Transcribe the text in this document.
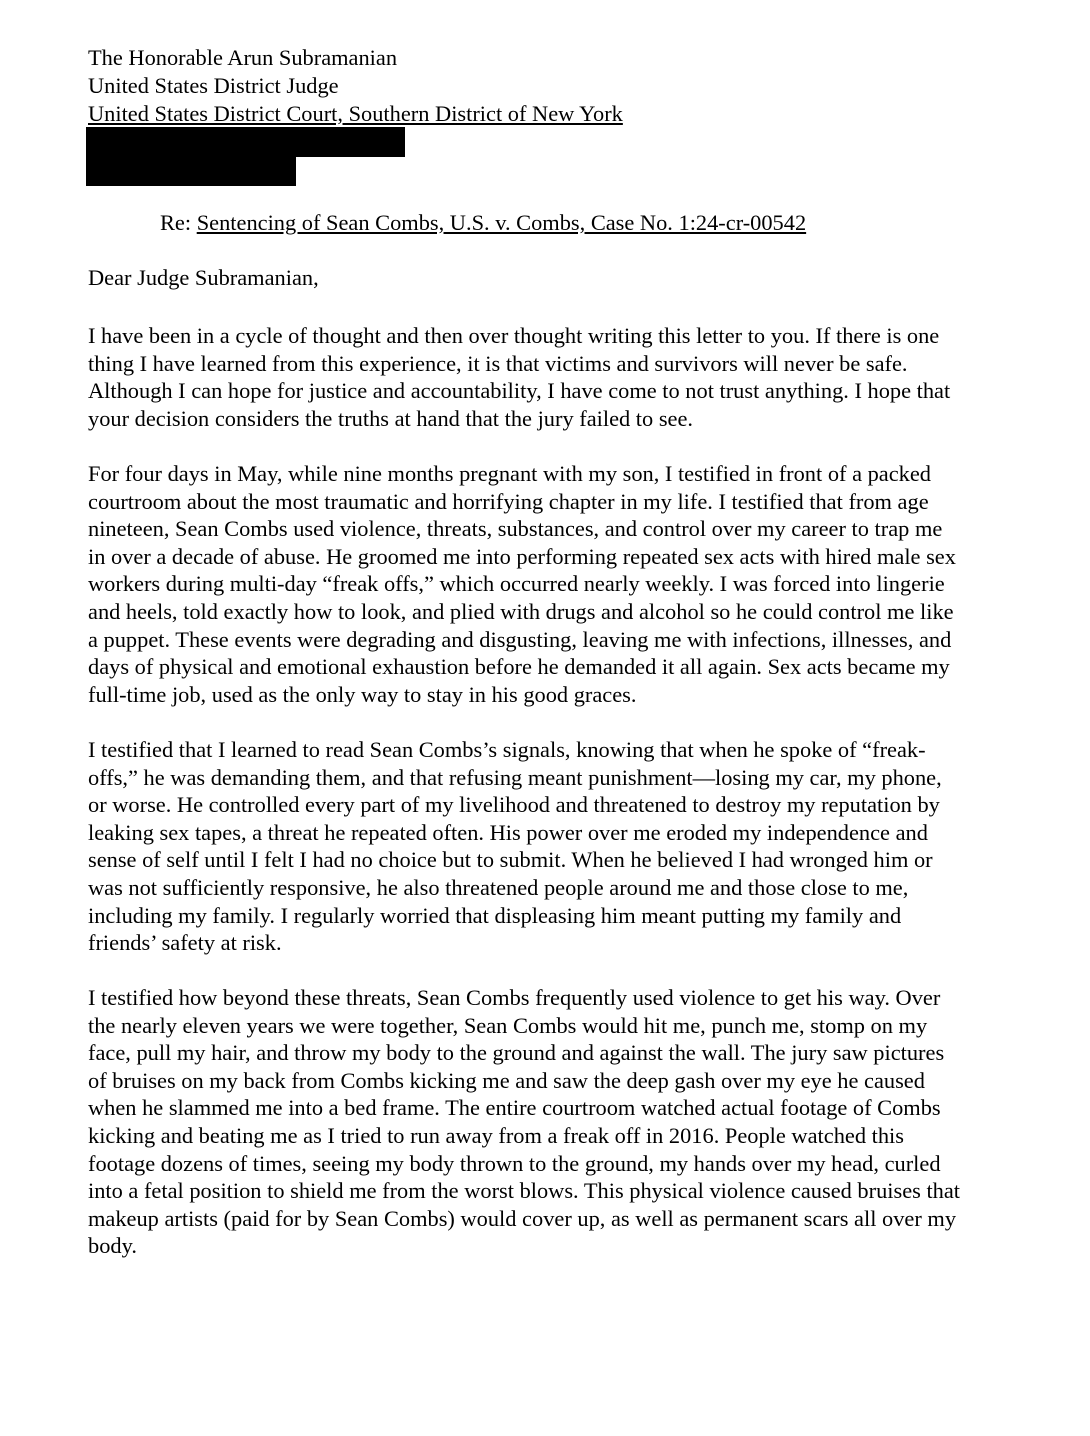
The Honorable Arun Subramanian
United States District Judge
United States District Court, Southern District of New York
Re: Sentencing of Sean Combs, U.S. v. Combs, Case No. 1:24-cr-00542
Dear Judge Subramanian,
I have been in a cycle of thought and then over thought writing this letter to you. If there is one
thing I have learned from this experience, it is that victims and survivors will never be safe.
Although I can hope for justice and accountability, I have come to not trust anything. I hope that
your decision considers the truths at hand that the jury failed to see.
For four days in May, while nine months pregnant with my son, I testified in front of a packed
courtroom about the most traumatic and horrifying chapter in my life. I testified that from age
nineteen, Sean Combs used violence, threats, substances, and control over my career to trap me
in over a decade of abuse. He groomed me into performing repeated sex acts with hired male sex
workers during multi-day “freak offs,” which occurred nearly weekly. I was forced into lingerie
and heels, told exactly how to look, and plied with drugs and alcohol so he could control me like
a puppet. These events were degrading and disgusting, leaving me with infections, illnesses, and
days of physical and emotional exhaustion before he demanded it all again. Sex acts became my
full-time job, used as the only way to stay in his good graces.
I testified that I learned to read Sean Combs’s signals, knowing that when he spoke of “freak-
offs,” he was demanding them, and that refusing meant punishment—losing my car, my phone,
or worse. He controlled every part of my livelihood and threatened to destroy my reputation by
leaking sex tapes, a threat he repeated often. His power over me eroded my independence and
sense of self until I felt I had no choice but to submit. When he believed I had wronged him or
was not sufficiently responsive, he also threatened people around me and those close to me,
including my family. I regularly worried that displeasing him meant putting my family and
friends’ safety at risk.
I testified how beyond these threats, Sean Combs frequently used violence to get his way. Over
the nearly eleven years we were together, Sean Combs would hit me, punch me, stomp on my
face, pull my hair, and throw my body to the ground and against the wall. The jury saw pictures
of bruises on my back from Combs kicking me and saw the deep gash over my eye he caused
when he slammed me into a bed frame. The entire courtroom watched actual footage of Combs
kicking and beating me as I tried to run away from a freak off in 2016. People watched this
footage dozens of times, seeing my body thrown to the ground, my hands over my head, curled
into a fetal position to shield me from the worst blows. This physical violence caused bruises that
makeup artists (paid for by Sean Combs) would cover up, as well as permanent scars all over my
body.
